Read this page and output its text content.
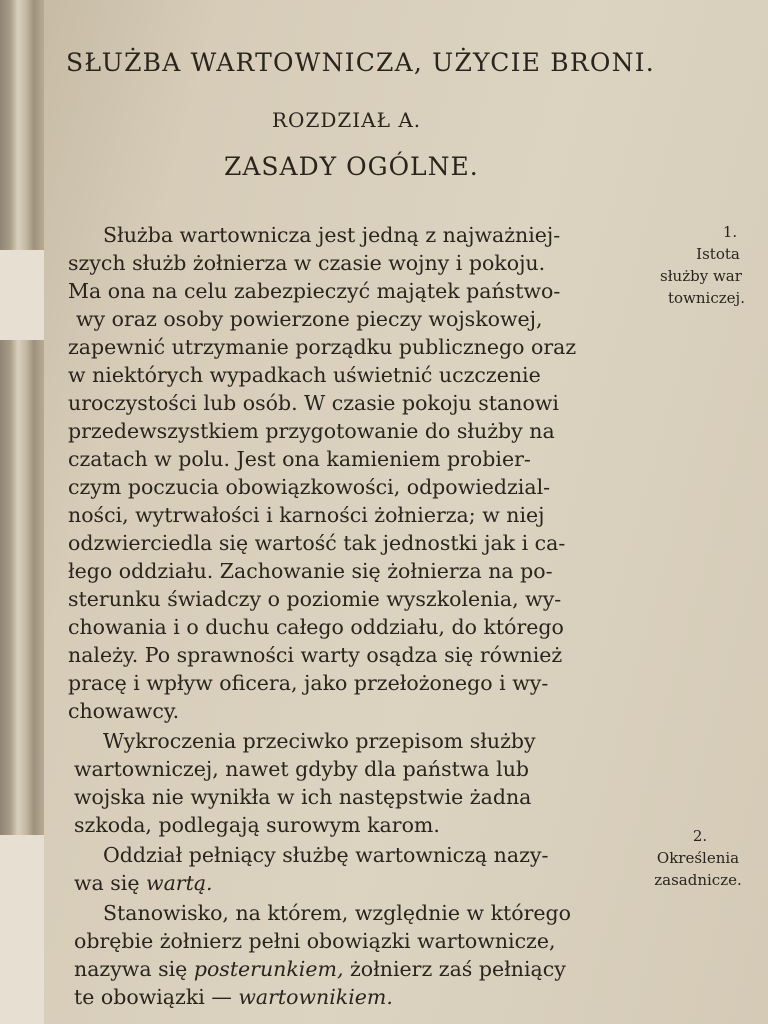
SŁUŻBA WARTOWNICZA, UŻYCIE BRONI.
ROZDZIAŁ A.
ZASADY OGÓLNE.
Służba wartownicza jest jedną z najważniej-
szych służb żołnierza w czasie wojny i pokoju.
Ma ona na celu zabezpieczyć majątek państwo-
wy oraz osoby powierzone pieczy wojskowej,
zapewnić utrzymanie porządku publicznego oraz
w niektórych wypadkach uświetnić uczczenie
uroczystości lub osób. W czasie pokoju stanowi
przedewszystkiem przygotowanie do służby na
czatach w polu. Jest ona kamieniem probier-
czym poczucia obowiązkowości, odpowiedzial-
ności, wytrwałości i karności żołnierza; w niej
odzwierciedla się wartość tak jednostki jak i ca-
łego oddziału. Zachowanie się żołnierza na po-
sterunku świadczy o poziomie wyszkolenia, wy-
chowania i o duchu całego oddziału, do którego
należy. Po sprawności warty osądza się również
pracę i wpływ oficera, jako przełożonego i wy-
chowawcy.
Wykroczenia przeciwko przepisom służby
wartowniczej, nawet gdyby dla państwa lub
wojska nie wynikła w ich następstwie żadna
szkoda, podlegają surowym karom.
Oddział pełniący służbę wartowniczą nazy-
wa się wartą.
Stanowisko, na którem, względnie w którego
obrębie żołnierz pełni obowiązki wartownicze,
nazywa się posterunkiem, żołnierz zaś pełniący
te obowiązki — wartownikiem.
1.
Istota
służby war
towniczej.
2.
Określenia
zasadnicze.
